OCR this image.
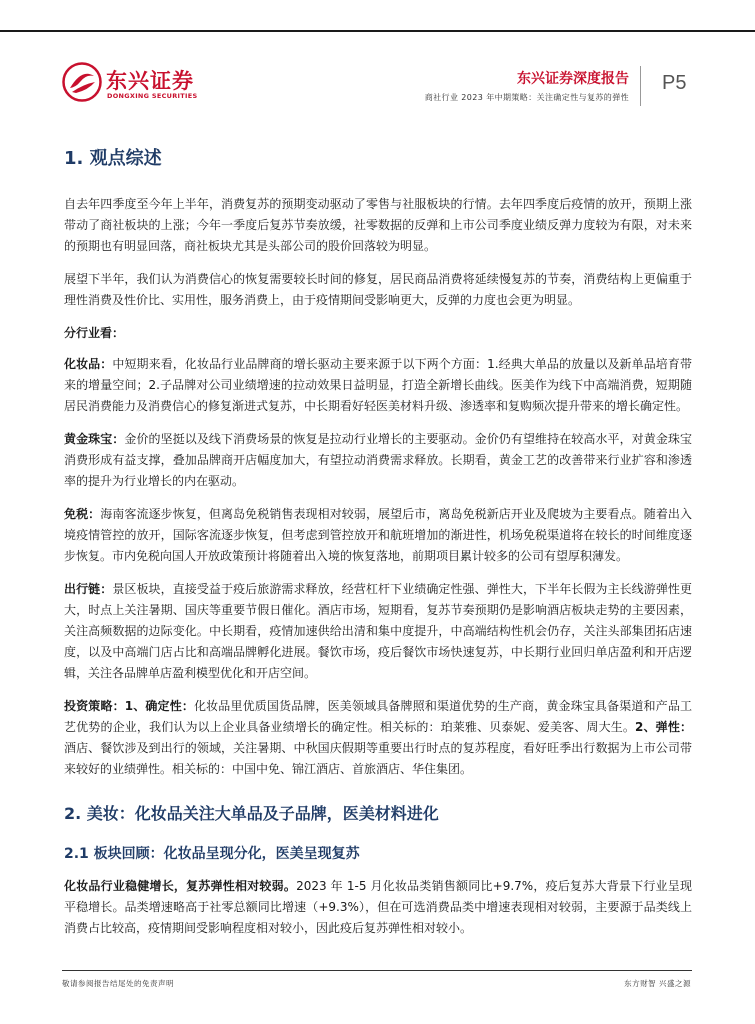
东兴证券
DONGXING SECURITIES
东兴证券深度报告
商社行业 2023 年中期策略：关注确定性与复苏的弹性
P5
1. 观点综述

自去年四季度至今年上半年，消费复苏的预期变动驱动了零售与社服板块的行情。去年四季度后疫情的放开，预期上涨带动了商社板块的上涨；今年一季度后复苏节奏放缓，社零数据的反弹和上市公司季度业绩反弹力度较为有限，对未来的预期也有明显回落，商社板块尤其是头部公司的股价回落较为明显。

展望下半年，我们认为消费信心的恢复需要较长时间的修复，居民商品消费将延续慢复苏的节奏，消费结构上更偏重于理性消费及性价比、实用性，服务消费上，由于疫情期间受影响更大，反弹的力度也会更为明显。

分行业看：

化妆品：中短期来看，化妆品行业品牌商的增长驱动主要来源于以下两个方面：1.经典大单品的放量以及新单品培育带来的增量空间；2.子品牌对公司业绩增速的拉动效果日益明显，打造全新增长曲线。医美作为线下中高端消费，短期随居民消费能力及消费信心的修复渐进式复苏，中长期看好轻医美材料升级、渗透率和复购频次提升带来的增长确定性。

黄金珠宝：金价的坚挺以及线下消费场景的恢复是拉动行业增长的主要驱动。金价仍有望维持在较高水平，对黄金珠宝消费形成有益支撑，叠加品牌商开店幅度加大，有望拉动消费需求释放。长期看，黄金工艺的改善带来行业扩容和渗透率的提升为行业增长的内在驱动。

免税：海南客流逐步恢复，但离岛免税销售表现相对较弱，展望后市，离岛免税新店开业及爬坡为主要看点。随着出入境疫情管控的放开，国际客流逐步恢复，但考虑到管控放开和航班增加的渐进性，机场免税渠道将在较长的时间维度逐步恢复。市内免税向国人开放政策预计将随着出入境的恢复落地，前期项目累计较多的公司有望厚积薄发。

出行链：景区板块，直接受益于疫后旅游需求释放，经营杠杆下业绩确定性强、弹性大，下半年长假为主长线游弹性更大，时点上关注暑期、国庆等重要节假日催化。酒店市场，短期看，复苏节奏预期仍是影响酒店板块走势的主要因素，关注高频数据的边际变化。中长期看，疫情加速供给出清和集中度提升，中高端结构性机会仍存，关注头部集团拓店速度，以及中高端门店占比和高端品牌孵化进展。餐饮市场，疫后餐饮市场快速复苏，中长期行业回归单店盈利和开店逻辑，关注各品牌单店盈利模型优化和开店空间。

投资策略：1、确定性：化妆品里优质国货品牌，医美领域具备牌照和渠道优势的生产商，黄金珠宝具备渠道和产品工艺优势的企业，我们认为以上企业具备业绩增长的确定性。相关标的：珀莱雅、贝泰妮、爱美客、周大生。2、弹性：酒店、餐饮涉及到出行的领域，关注暑期、中秋国庆假期等重要出行时点的复苏程度，看好旺季出行数据为上市公司带来较好的业绩弹性。相关标的：中国中免、锦江酒店、首旅酒店、华住集团。

2. 美妆：化妆品关注大单品及子品牌，医美材料进化
2.1 板块回顾：化妆品呈现分化，医美呈现复苏

化妆品行业稳健增长，复苏弹性相对较弱。2023 年 1-5 月化妆品类销售额同比+9.7%，疫后复苏大背景下行业呈现平稳增长。品类增速略高于社零总额同比增速（+9.3%），但在可选消费品类中增速表现相对较弱，主要源于品类线上消费占比较高，疫情期间受影响程度相对较小，因此疫后复苏弹性相对较小。

敬请参阅报告结尾处的免责声明	东方财智 兴盛之源
